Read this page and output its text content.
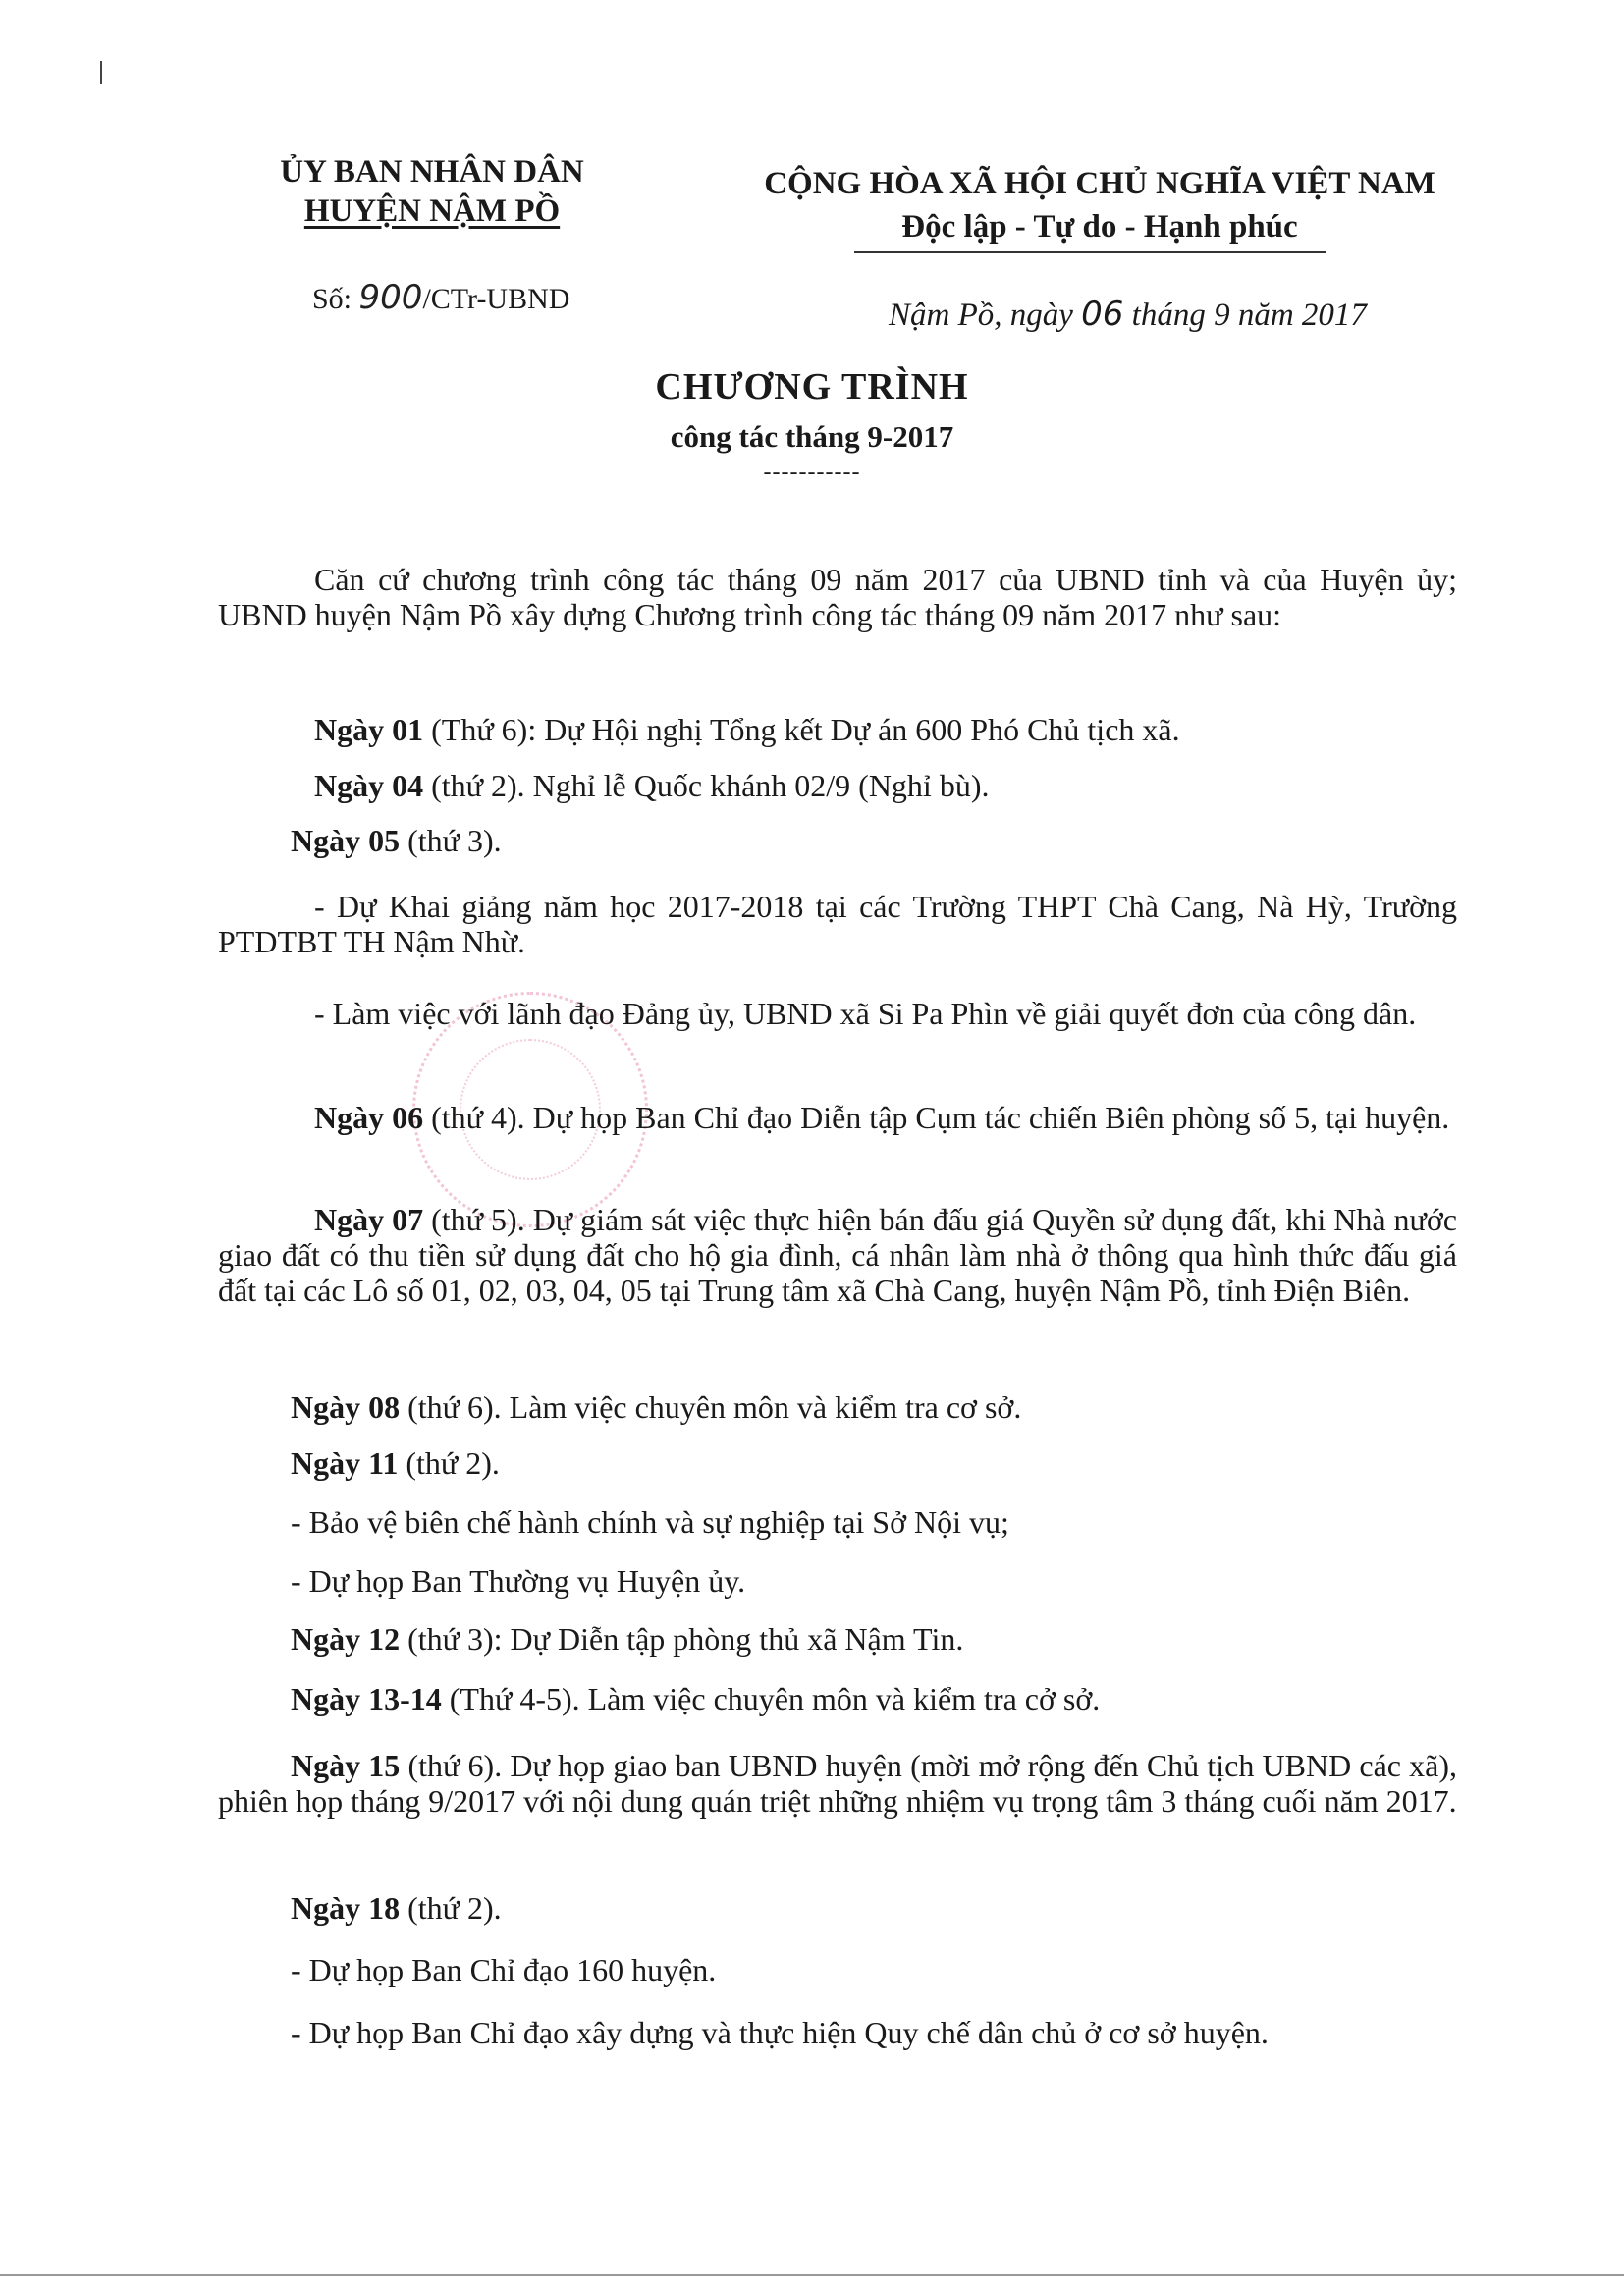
ỦY BAN NHÂN DÂN
HUYỆN NẬM PỒ
CỘNG HÒA XÃ HỘI CHỦ NGHĨA VIỆT NAM
Độc lập - Tự do - Hạnh phúc
Số: 900/CTr-UBND	Nậm Pồ, ngày 06 tháng 9 năm 2017
CHƯƠNG TRÌNH
công tác tháng 9-2017
-----------
Căn cứ chương trình công tác tháng 09 năm 2017 của UBND tỉnh và của Huyện ủy; UBND huyện Nậm Pồ xây dựng Chương trình công tác tháng 09 năm 2017 như sau:
Ngày 01 (Thứ 6): Dự Hội nghị Tổng kết Dự án 600 Phó Chủ tịch xã.
Ngày 04 (thứ 2). Nghỉ lễ Quốc khánh 02/9 (Nghỉ bù).
Ngày 05 (thứ 3).
- Dự Khai giảng năm học 2017-2018 tại các Trường THPT Chà Cang, Nà Hỳ, Trường PTDTBT TH Nậm Nhừ.
- Làm việc với lãnh đạo Đảng ủy, UBND xã Si Pa Phìn về giải quyết đơn của công dân.
Ngày 06 (thứ 4). Dự họp Ban Chỉ đạo Diễn tập Cụm tác chiến Biên phòng số 5, tại huyện.
Ngày 07 (thứ 5). Dự giám sát việc thực hiện bán đấu giá Quyền sử dụng đất, khi Nhà nước giao đất có thu tiền sử dụng đất cho hộ gia đình, cá nhân làm nhà ở thông qua hình thức đấu giá đất tại các Lô số 01, 02, 03, 04, 05 tại Trung tâm xã Chà Cang, huyện Nậm Pồ, tỉnh Điện Biên.
Ngày 08 (thứ 6). Làm việc chuyên môn và kiểm tra cơ sở.
Ngày 11 (thứ 2).
- Bảo vệ biên chế hành chính và sự nghiệp tại Sở Nội vụ;
- Dự họp Ban Thường vụ Huyện ủy.
Ngày 12 (thứ 3): Dự Diễn tập phòng thủ xã Nậm Tin.
Ngày 13-14 (Thứ 4-5). Làm việc chuyên môn và kiểm tra cở sở.
Ngày 15 (thứ 6). Dự họp giao ban UBND huyện (mời mở rộng đến Chủ tịch UBND các xã), phiên họp tháng 9/2017 với nội dung quán triệt những nhiệm vụ trọng tâm 3 tháng cuối năm 2017.
Ngày 18 (thứ 2).
- Dự họp Ban Chỉ đạo 160 huyện.
- Dự họp Ban Chỉ đạo xây dựng và thực hiện Quy chế dân chủ ở cơ sở huyện.
